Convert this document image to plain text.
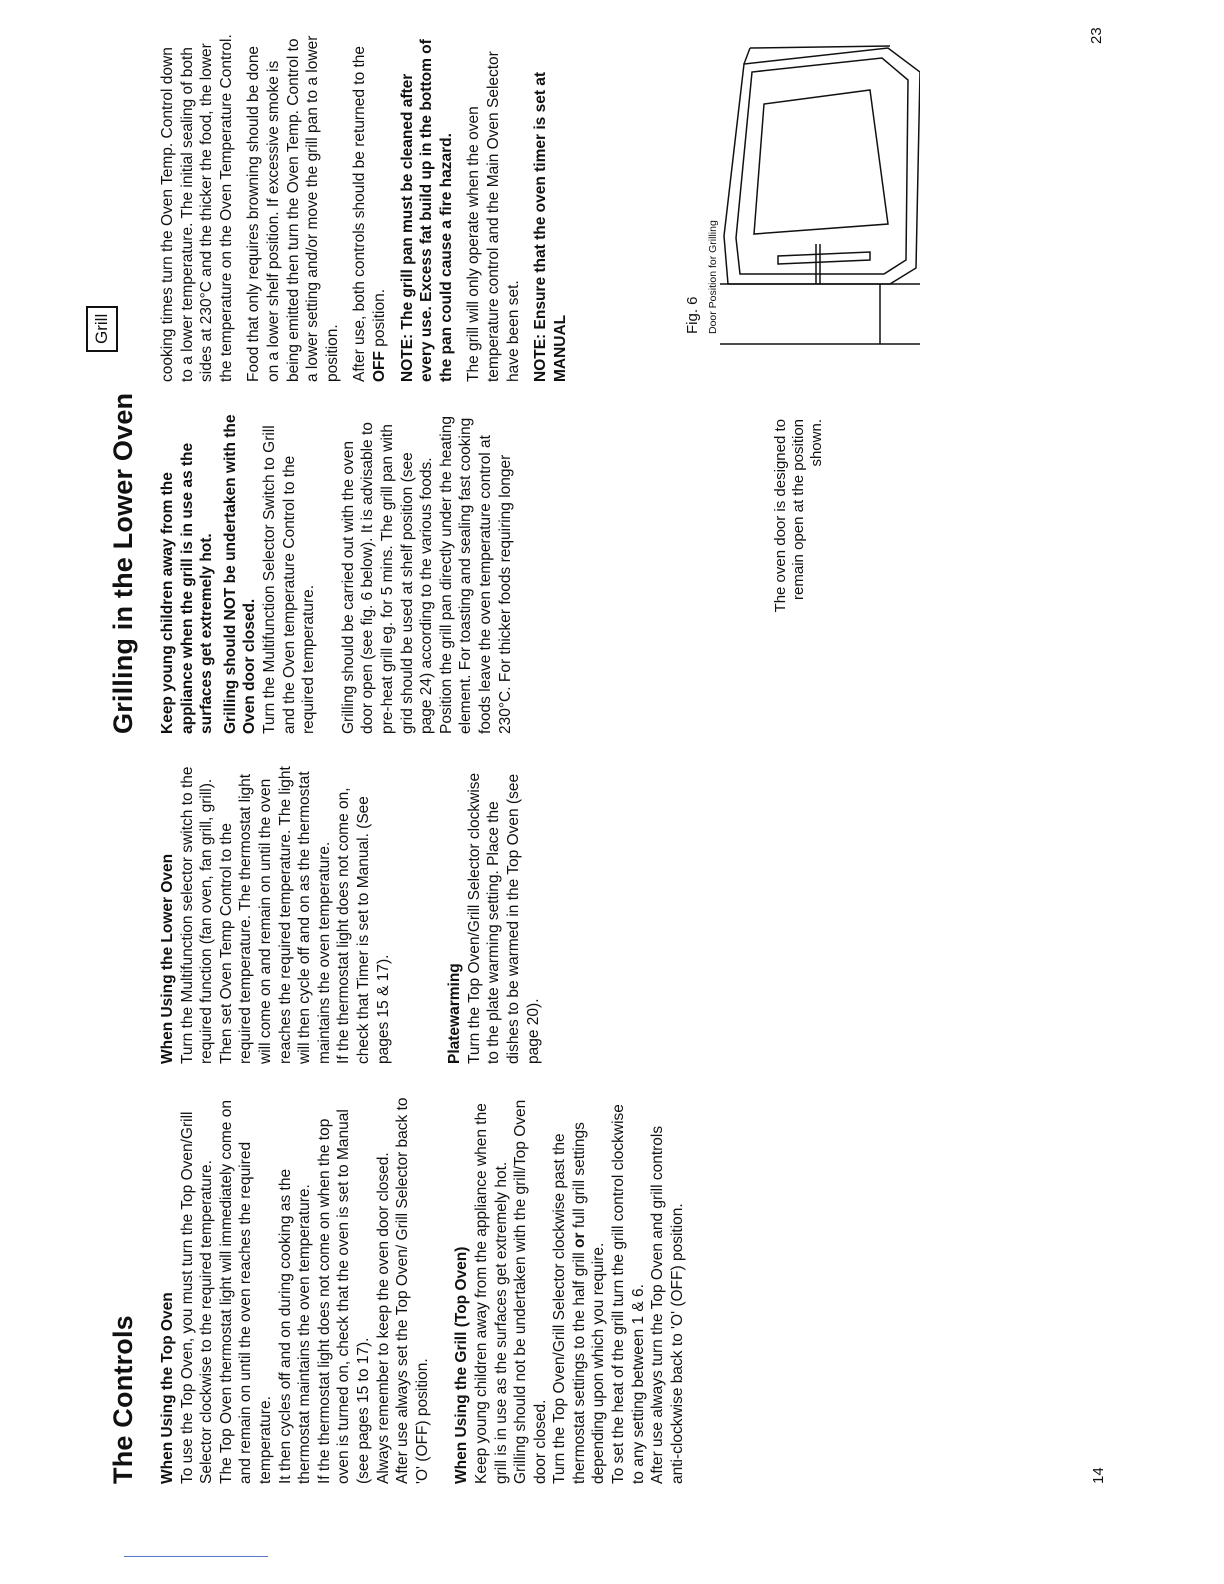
The Controls When Using the Top Oven To use the Top Oven, you must turn the Top Oven/Grill Selector clockwise to the required temperature. The Top Oven thermostat light will immediately come on and remain on until the oven reaches the required temperature. It then cycles off and on during cooking as the thermostat maintains the oven temperature. If the thermostat light does not come on when the top oven is turned on, check that the oven is set to Manual (see pages 15 to 17). Always remember to keep the oven door closed. After use always set the Top Oven/ Grill Selector back to 'O' (OFF) position. When Using the Grill (Top Oven) Keep young children away from the appliance when the grill is in use as the surfaces get extremely hot. Grilling should not be undertaken with the grill/Top Oven door closed. Turn the Top Oven/Grill Selector clockwise past the thermostat settings to the half grill or full grill settings depending upon which you require. To set the heat of the grill turn the grill control clockwise to any setting between 1 & 6. After use always turn the Top Oven and grill controls anti-clockwise back to 'O' (OFF) position.

When Using the Lower Oven Turn the Multifunction selector switch to the required function (fan oven, fan grill, grill). Then set Oven Temp Control to the required temperature. The thermostat light will come on and remain on until the oven reaches the required temperature. The light will then cycle off and on as the thermostat maintains the oven temperature. If the thermostat light does not come on, check that Timer is set to Manual. (See pages 15 & 17).	Platewarming Turn the Top Oven/Grill Selector clockwise to the plate warming setting. Place the dishes to be warmed in the Top Oven (see page 20).

14
Grilling in the Lower Oven
Grill

Keep young children away from the appliance when the grill is in use as the surfaces get extremely hot. Grilling should NOT be undertaken with the Oven door closed. Turn the Multifunction Selector Switch to Grill and the Oven temperature Control to the required temperature. Grilling should be carried out with the oven door open (see fig. 6 below). It is advisable to pre-heat grill eg. for 5 mins. The grill pan with grid should be used at shelf position (see page 24) according to the various foods. Position the grill pan directly under the heating element. For toasting and sealing fast cooking foods leave the oven temperature control at 230°C. For thicker foods requiring longer

cooking times turn the Oven Temp. Control down to a lower temperature. The initial sealing of both sides at 230°C and the thicker the food, the lower the temperature on the Oven Temperature Control. Food that only requires browning should be done on a lower shelf position. If excessive smoke is being emitted then turn the Oven Temp. Control to a lower setting and/or move the grill pan to a lower position. After use, both controls should be returned to the OFF position. NOTE: The grill pan must be cleaned after every use. Excess fat build up in the bottom of the pan could cause a fire hazard. The grill will only operate when the oven temperature control and the Main Oven Selector have been set. NOTE: Ensure that the oven timer is set at MANUAL

The oven door is designed to remain open at the position shown.
Fig. 6 Door Position for Grilling
23
